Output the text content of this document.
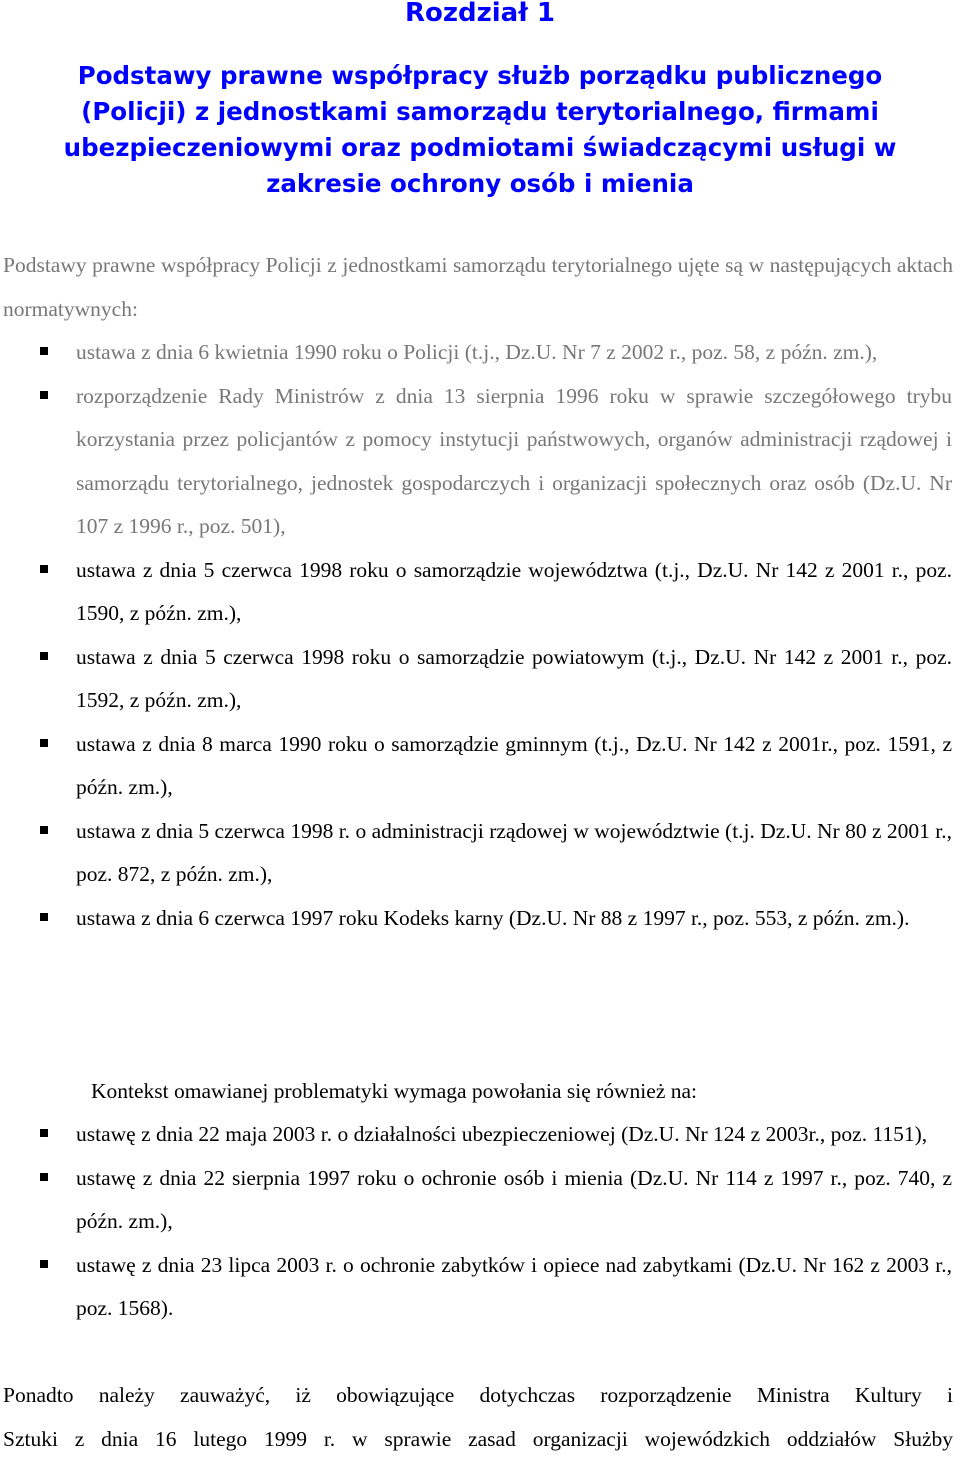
Rozdział 1
Podstawy prawne współpracy służb porządku publicznego
(Policji) z jednostkami samorządu terytorialnego, firmami
ubezpieczeniowymi oraz podmiotami świadczącymi usługi w
zakresie ochrony osób i mienia
Podstawy prawne współpracy Policji z jednostkami samorządu terytorialnego ujęte są w następujących aktach normatywnych:
ustawa z dnia 6 kwietnia 1990 roku o Policji (t.j., Dz.U. Nr 7 z 2002 r., poz. 58, z późn. zm.),
rozporządzenie Rady Ministrów z dnia 13 sierpnia 1996 roku w sprawie szczegółowego trybu korzystania przez policjantów z pomocy instytucji państwowych, organów administracji rządowej i samorządu terytorialnego, jednostek gospodarczych i organizacji społecznych oraz osób (Dz.U. Nr 107 z 1996 r., poz. 501),
ustawa z dnia 5 czerwca 1998 roku o samorządzie województwa (t.j., Dz.U. Nr 142 z 2001 r., poz. 1590, z późn. zm.),
ustawa z dnia 5 czerwca 1998 roku o samorządzie powiatowym (t.j., Dz.U. Nr 142 z 2001 r., poz. 1592, z późn. zm.),
ustawa z dnia 8 marca 1990 roku o samorządzie gminnym (t.j., Dz.U. Nr 142 z 2001r., poz. 1591, z późn. zm.),
ustawa z dnia 5 czerwca 1998 r. o administracji rządowej w województwie (t.j. Dz.U. Nr 80 z 2001 r., poz. 872, z późn. zm.),
ustawa z dnia 6 czerwca 1997 roku Kodeks karny (Dz.U. Nr 88 z 1997 r., poz. 553, z późn. zm.).
Kontekst omawianej problematyki wymaga powołania się również na:
ustawę z dnia 22 maja 2003 r. o działalności ubezpieczeniowej (Dz.U. Nr 124 z 2003r., poz. 1151),
ustawę z dnia 22 sierpnia 1997 roku o ochronie osób i mienia (Dz.U. Nr 114 z 1997 r., poz. 740, z późn. zm.),
ustawę z dnia 23 lipca 2003 r. o ochronie zabytków i opiece nad zabytkami (Dz.U. Nr 162 z 2003 r., poz. 1568).
Ponadto należy zauważyć, iż obowiązujące dotychczas rozporządzenie Ministra Kultury i
Sztuki z dnia 16 lutego 1999 r. w sprawie zasad organizacji wojewódzkich oddziałów Służby
